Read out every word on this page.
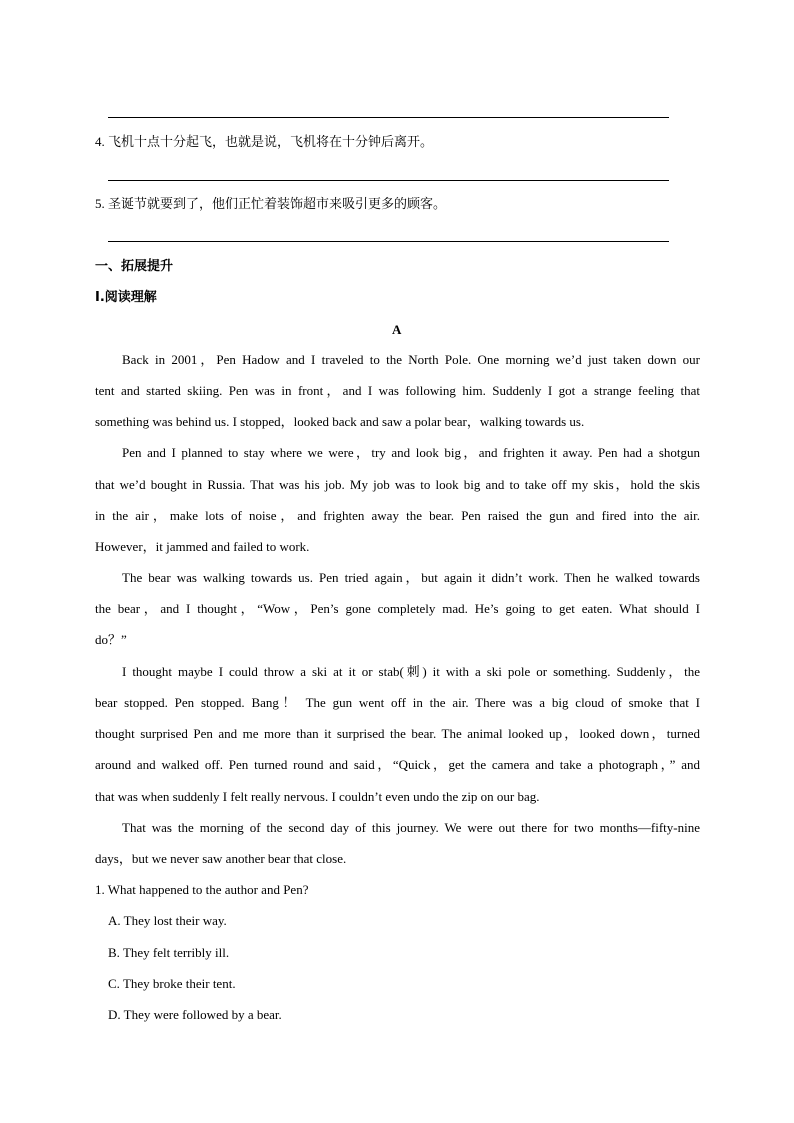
4. 飞机十点十分起飞，也就是说，飞机将在十分钟后离开。
5. 圣诞节就要到了，他们正忙着装饰超市来吸引更多的顾客。
一、拓展提升
I.阅读理解
A
Back in 2001，Pen Hadow and I traveled to the North Pole. One morning we’d just taken down our
tent and started skiing. Pen was in front，and I was following him. Suddenly I got a strange feeling that
something was behind us. I stopped，looked back and saw a polar bear，walking towards us.
Pen and I planned to stay where we were，try and look big，and frighten it away. Pen had a shotgun
that we’d bought in Russia. That was his job. My job was to look big and to take off my skis，hold the skis
in the air，make lots of noise，and frighten away the bear. Pen raised the gun and fired into the air.
However，it jammed and failed to work.
The bear was walking towards us. Pen tried again，but again it didn’t work. Then he walked towards
the bear，and I thought，“Wow，Pen’s gone completely mad. He’s going to get eaten. What should I
do？”
I thought maybe I could throw a ski at it or stab(刺) it with a ski pole or something. Suddenly，the
bear stopped. Pen stopped. Bang！ The gun went off in the air. There was a big cloud of smoke that I
thought surprised Pen and me more than it surprised the bear. The animal looked up，looked down，turned
around and walked off. Pen turned round and said，“Quick，get the camera and take a photograph，” and
that was when suddenly I felt really nervous. I couldn’t even undo the zip on our bag.
That was the morning of the second day of this journey. We were out there for two months—fifty-nine
days，but we never saw another bear that close.
1. What happened to the author and Pen?
A. They lost their way.
B. They felt terribly ill.
C. They broke their tent.
D. They were followed by a bear.
